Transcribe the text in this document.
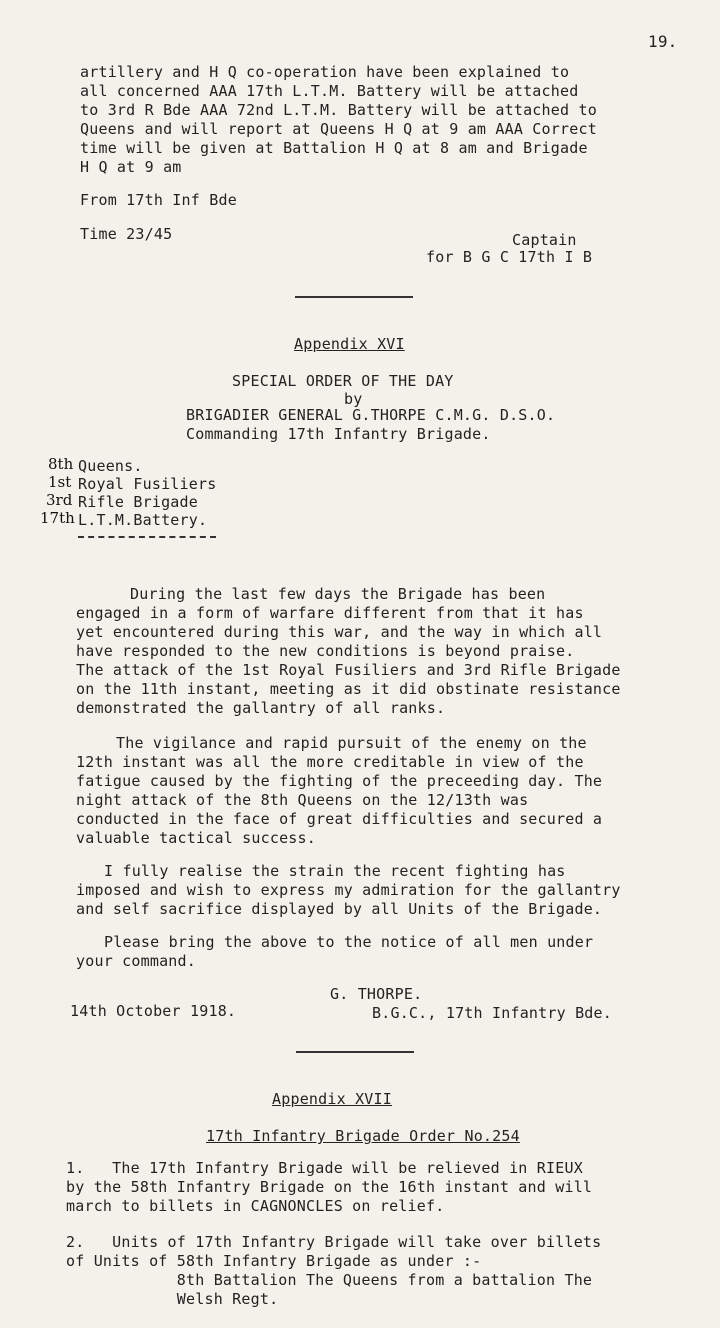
19.
artillery and H Q co-operation have been explained to
all concerned AAA 17th L.T.M. Battery will be attached
to 3rd R Bde AAA 72nd L.T.M. Battery will be attached to
Queens and will report at Queens H Q at 9 am AAA Correct
time will be given at Battalion H Q at 8 am and Brigade
H Q at 9 am
From 17th Inf Bde
Time 23/45	Captain
for B G C 17th I B
Appendix XVI
SPECIAL ORDER OF THE DAY
by
BRIGADIER GENERAL G.THORPE C.M.G. D.S.O.
Commanding 17th Infantry Brigade.
8th Queens.
1st Royal Fusiliers
3rd Rifle Brigade
17th L.T.M.Battery.
During the last few days the Brigade has been
engaged in a form of warfare different from that it has
yet encountered during this war, and the way in which all
have responded to the new conditions is beyond praise.
The attack of the 1st Royal Fusiliers and 3rd Rifle Brigade
on the 11th instant, meeting as it did obstinate resistance
demonstrated the gallantry of all ranks.
The vigilance and rapid pursuit of the enemy on the
12th instant was all the more creditable in view of the
fatigue caused by the fighting of the preceeding day. The
night attack of the 8th Queens on the 12/13th was
conducted in the face of great difficulties and secured a
valuable tactical success.
I fully realise the strain the recent fighting has
imposed and wish to express my admiration for the gallantry
and self sacrifice displayed by all Units of the Brigade.
Please bring the above to the notice of all men under
your command.
G. THORPE.
14th October 1918.	B.G.C., 17th Infantry Bde.
Appendix XVII
17th Infantry Brigade Order No.254
1.   The 17th Infantry Brigade will be relieved in RIEUX
by the 58th Infantry Brigade on the 16th instant and will
march to billets in CAGNONCLES on relief.
2.   Units of 17th Infantry Brigade will take over billets
of Units of 58th Infantry Brigade as under :-
8th Battalion The Queens from a battalion The
Welsh Regt.
